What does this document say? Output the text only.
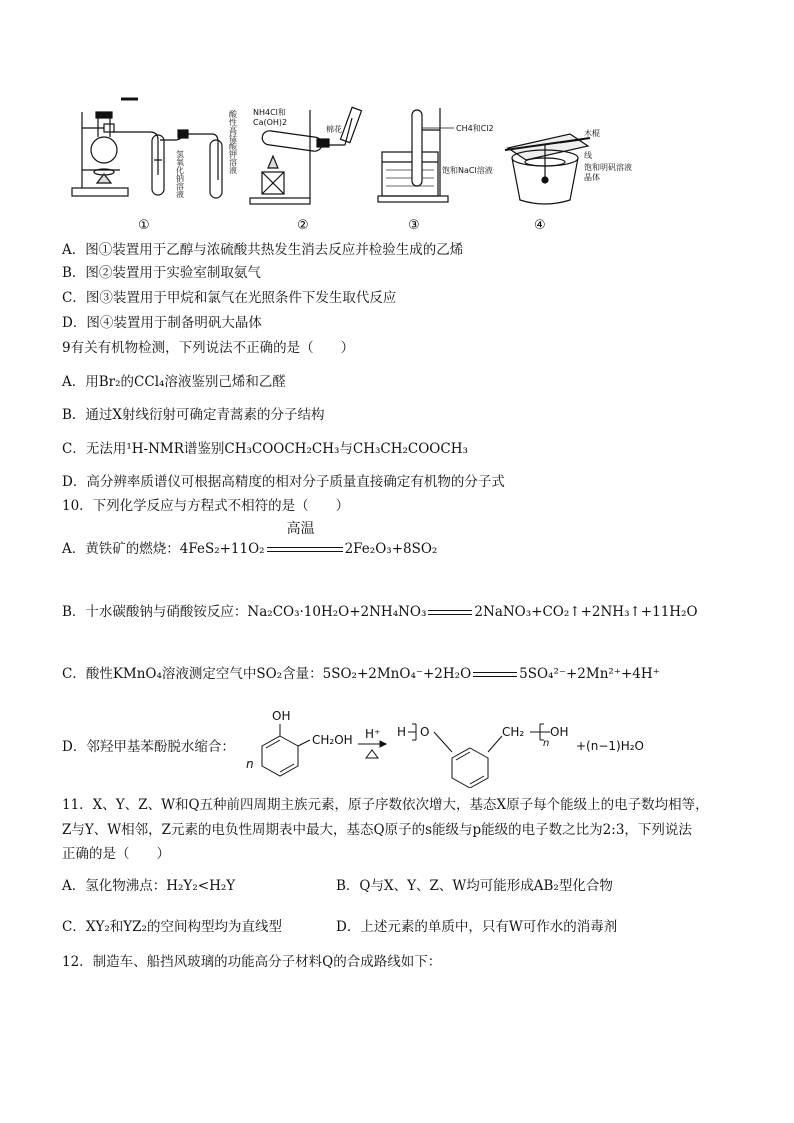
①	②	③	④
氢氧化钠溶液	酸性高锰酸钾溶液 NH4Cl和
Ca(OH)2
棉花	CH4和Cl2
饱和NaCl溶液
木棍
线
饱和明矾溶液
晶体
A．图①装置用于乙醇与浓硫酸共热发生消去反应并检验生成的乙烯
B．图②装置用于实验室制取氨气
C．图③装置用于甲烷和氯气在光照条件下发生取代反应
D．图④装置用于制备明矾大晶体
9有关有机物检测，下列说法不正确的是（　　）
A．用Br₂的CCl₄溶液鉴别己烯和乙醛
B．通过X射线衍射可确定青蒿素的分子结构
C．无法用¹H-NMR谱鉴别CH₃COOCH₂CH₃与CH₃CH₂COOCH₃
D．高分辨率质谱仪可根据高精度的相对分子质量直接确定有机物的分子式
10．下列化学反应与方程式不相符的是（　　）
A．黄铁矿的燃烧：4FeS₂+11O₂
高温
2Fe₂O₃+8SO₂
B．十水碳酸钠与硝酸铵反应：Na₂CO₃·10H₂O+2NH₄NO₃	2NaNO₃+CO₂↑+2NH₃↑+11H₂O
C．酸性KMnO₄溶液测定空气中SO₂含量：5SO₂+2MnO₄⁻+2H₂O	5SO₄²⁻+2Mn²⁺+4H⁺
D．邻羟甲基苯酚脱水缩合：
n
OH
CH₂OH H⁺ H O	CH₂
n
OH
+(n−1)H₂O
11．X、Y、Z、W和Q五种前四周期主族元素，原子序数依次增大，基态X原子每个能级上的电子数均相等，
Z与Y、W相邻，Z元素的电负性周期表中最大，基态Q原子的s能级与p能级的电子数之比为2:3，下列说法
正确的是（　　）
A．氢化物沸点：H₂Y₂<H₂Y	B．Q与X、Y、Z、W均可能形成AB₂型化合物
C．XY₂和YZ₂的空间构型均为直线型	D．上述元素的单质中，只有W可作水的消毒剂
12．制造车、船挡风玻璃的功能高分子材料Q的合成路线如下：
